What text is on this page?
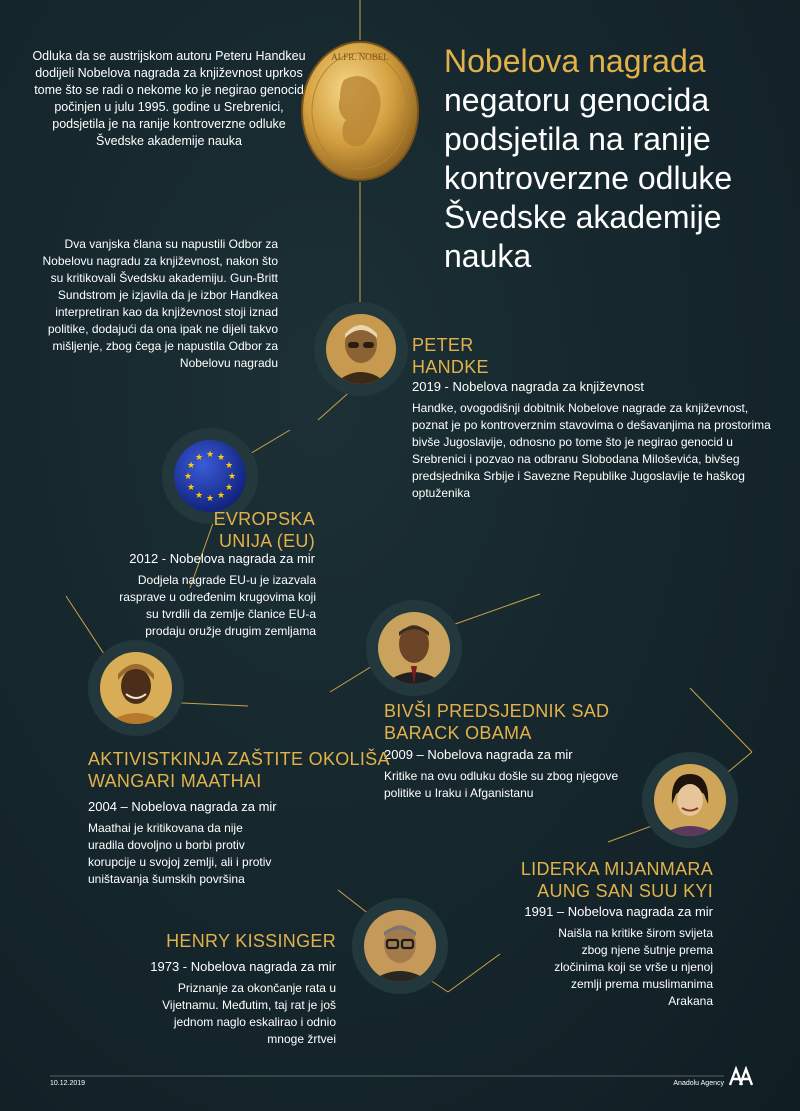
Odluka da se austrijskom autoru Peteru Handkeu dodijeli Nobelova nagrada za književnost uprkos tome što se radi o nekome ko je negirao genocid počinjen u julu 1995. godine u Srebrenici, podsjetila je na ranije kontroverzne odluke Švedske akademije nauka

ALFR. NOBEL Nobelova nagrada
negatoru genocida podsjetila na ranije kontroverzne odluke Švedske akademije nauka

Dva vanjska člana su napustili Odbor za Nobelovu nagradu za književnost, nakon što su kritikovali Švedsku akademiju. Gun-Britt Sundstrom je izjavila da je izbor Handkea interpretiran kao da književnost stoji iznad politike, dodajući da ona ipak ne dijeli takvo mišljenje, zbog čega je napustila Odbor za Nobelovu nagradu

PETER
HANDKE

2019 - Nobelova nagrada za književnost

Handke, ovogodišnji dobitnik Nobelove nagrade za književnost, poznat je po kontroverznim stavovima o dešavanjima na prostorima bivše Jugoslavije, odnosno po tome što je negirao genocid u Srebrenici i pozvao na odbranu Slobodana Miloševića, bivšeg predsjednika Srbije i Savezne Republike Jugoslavije te haškog optuženika

★ ★
★
★
★
★
★
★
★
★
★
★

EVROPSKA
UNIJA (EU)

2012 - Nobelova nagrada za mir

Dodjela nagrade EU-u je izazvala rasprave u određenim krugovima koji su tvrdili da zemlje članice EU-a prodaju oružje drugim zemljama

BIVŠI PREDSJEDNIK SAD
BARACK OBAMA

2009 – Nobelova nagrada za mir

Kritike na ovu odluku došle su zbog njegove politike u Iraku i Afganistanu

AKTIVISTKINJA ZAŠTITE OKOLIŠA
WANGARI MAATHAI

2004 – Nobelova nagrada za mir

Maathai je kritikovana da nije uradila dovoljno u borbi protiv korupcije u svojoj zemlji, ali i protiv uništavanja šumskih površina	LIDERKA MIJANMARA
AUNG SAN SUU KYI

1991 – Nobelova nagrada za mir

Naišla na kritike širom svijeta zbog njene šutnje prema zločinima koji se vrše u njenoj zemlji prema muslimanima Arakana

HENRY KISSINGER

1973 - Nobelova nagrada za mir

Priznanje za okončanje rata u Vijetnamu. Međutim, taj rat je još jednom naglo eskalirao i odnio mnoge žrtvei

10.12.2019	Anadolu Agency
AA
